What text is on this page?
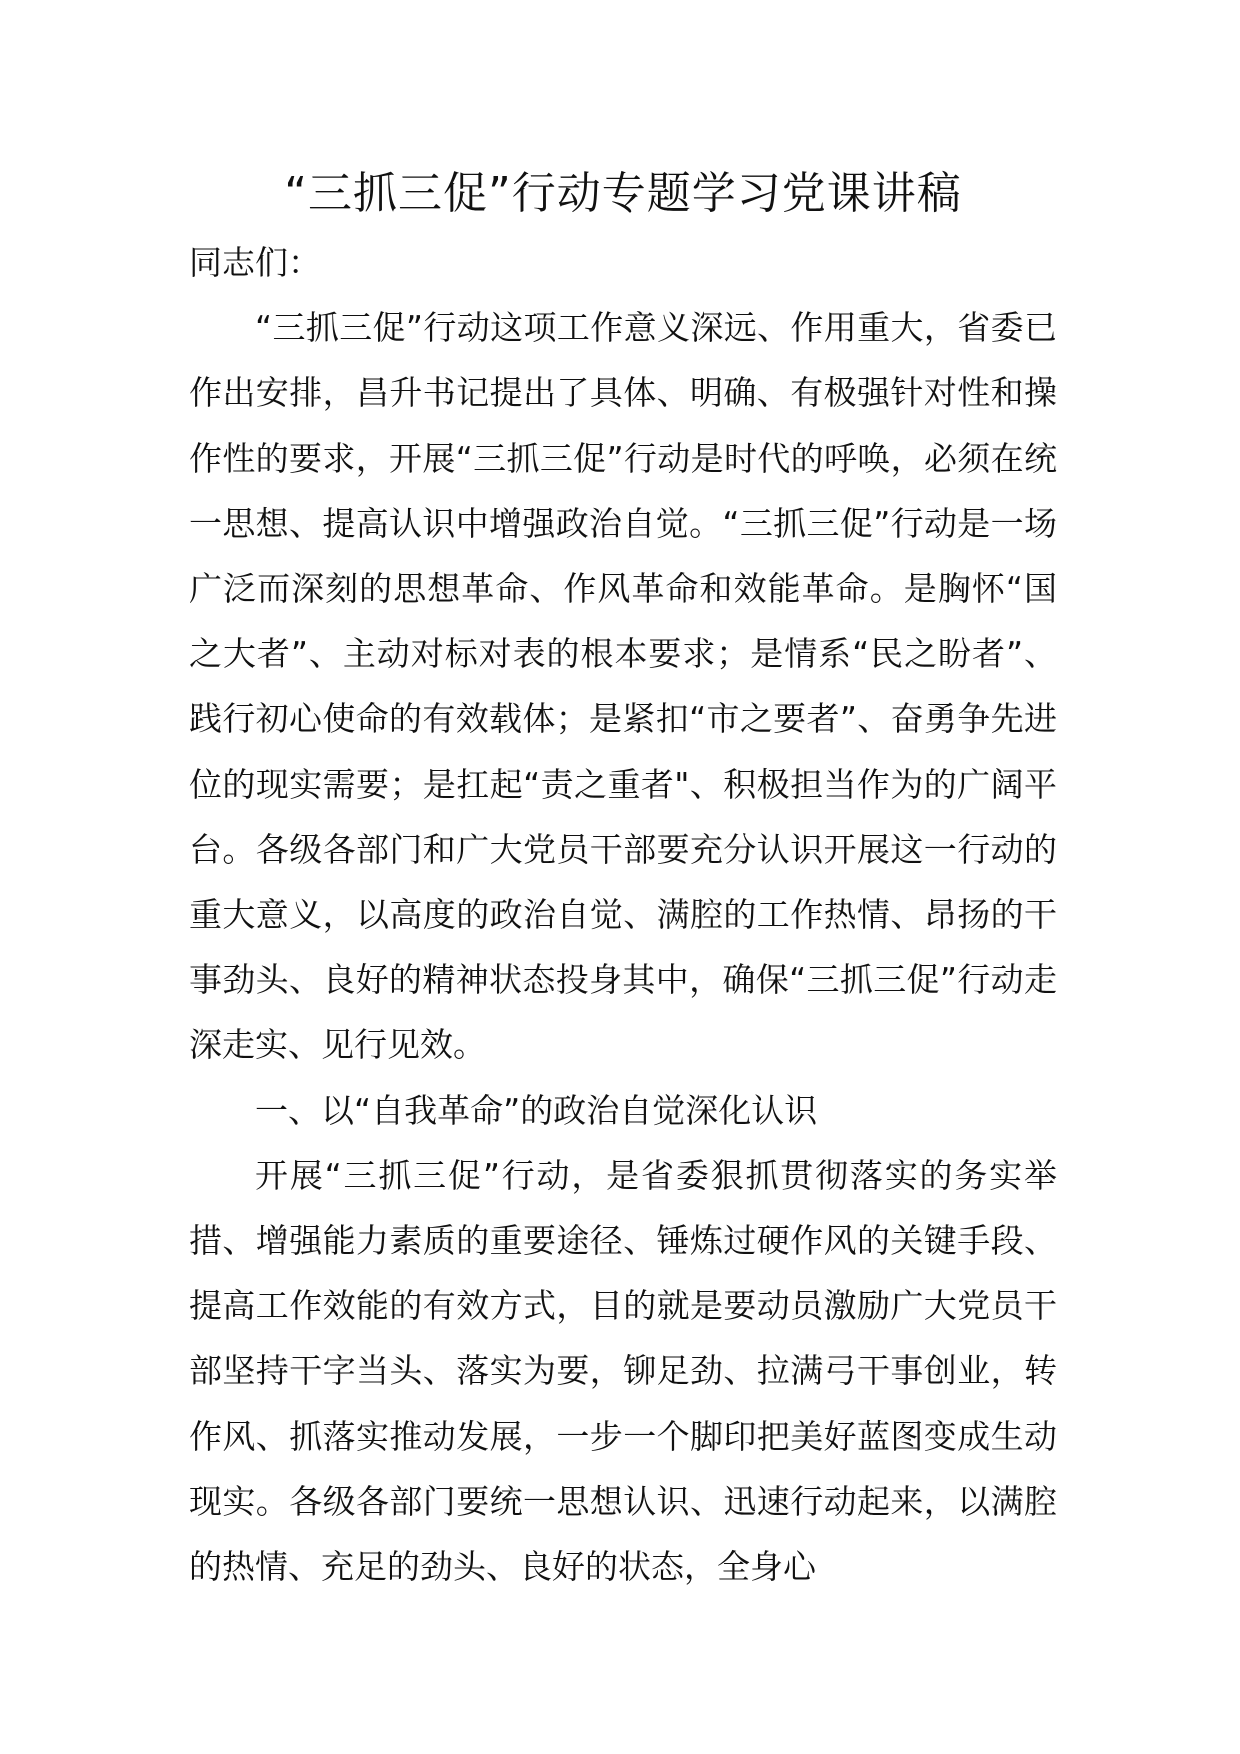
“三抓三促”行动专题学习党课讲稿

同志们：

“三抓三促”行动这项工作意义深远、作用重大，省委已作出安排，昌升书记提出了具体、明确、有极强针对性和操作性的要求，开展“三抓三促”行动是时代的呼唤，必须在统一思想、提高认识中增强政治自觉。“三抓三促”行动是一场广泛而深刻的思想革命、作风革命和效能革命。是胸怀“国之大者”、主动对标对表的根本要求；是情系“民之盼者”、践行初心使命的有效载体；是紧扣“市之要者”、奋勇争先进位的现实需要；是扛起“责之重者"、积极担当作为的广阔平台。各级各部门和广大党员干部要充分认识开展这一行动的重大意义，以高度的政治自觉、满腔的工作热情、昂扬的干事劲头、良好的精神状态投身其中，确保“三抓三促”行动走深走实、见行见效。

一、以“自我革命”的政治自觉深化认识

开展“三抓三促”行动，是省委狠抓贯彻落实的务实举措、增强能力素质的重要途径、锤炼过硬作风的关键手段、提高工作效能的有效方式，目的就是要动员激励广大党员干部坚持干字当头、落实为要，铆足劲、拉满弓干事创业，转作风、抓落实推动发展，一步一个脚印把美好蓝图变成生动现实。各级各部门要统一思想认识、迅速行动起来，以满腔的热情、充足的劲头、良好的状态，全身心
